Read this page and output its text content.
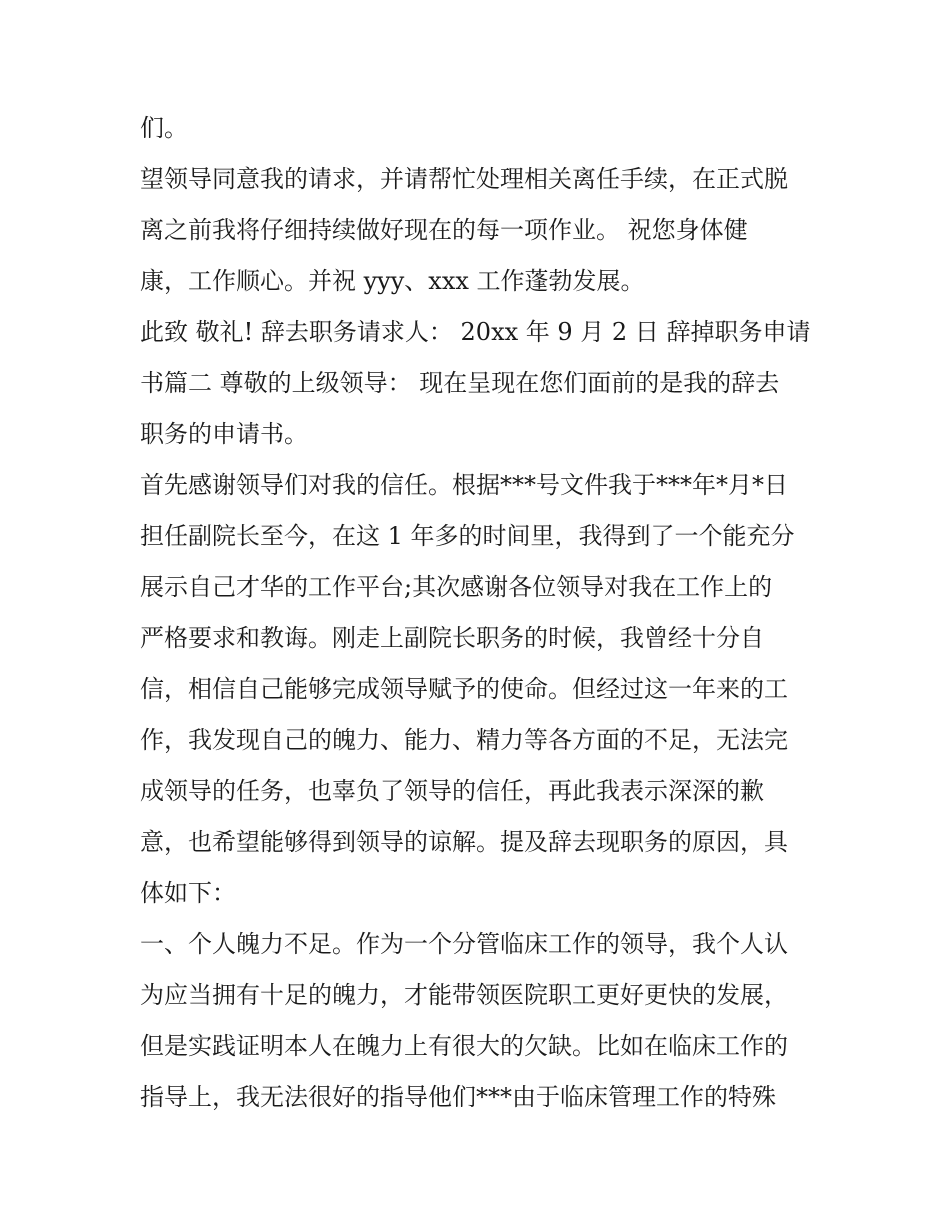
们。
望领导同意我的请求，并请帮忙处理相关离任手续，在正式脱
离之前我将仔细持续做好现在的每一项作业。 祝您身体健
康，工作顺心。并祝 yyy、xxx 工作蓬勃发展。
此致 敬礼! 辞去职务请求人： 20xx 年 9 月 2 日 辞掉职务申请
书篇二 尊敬的上级领导： 现在呈现在您们面前的是我的辞去
职务的申请书。
首先感谢领导们对我的信任。根据***号文件我于***年*月*日
担任副院长至今，在这 1 年多的时间里，我得到了一个能充分
展示自己才华的工作平台;其次感谢各位领导对我在工作上的
严格要求和教诲。刚走上副院长职务的时候，我曾经十分自
信，相信自己能够完成领导赋予的使命。但经过这一年来的工
作，我发现自己的魄力、能力、精力等各方面的不足，无法完
成领导的任务，也辜负了领导的信任，再此我表示深深的歉
意，也希望能够得到领导的谅解。提及辞去现职务的原因，具
体如下：
一、个人魄力不足。作为一个分管临床工作的领导，我个人认
为应当拥有十足的魄力，才能带领医院职工更好更快的发展，
但是实践证明本人在魄力上有很大的欠缺。比如在临床工作的
指导上，我无法很好的指导他们***由于临床管理工作的特殊
